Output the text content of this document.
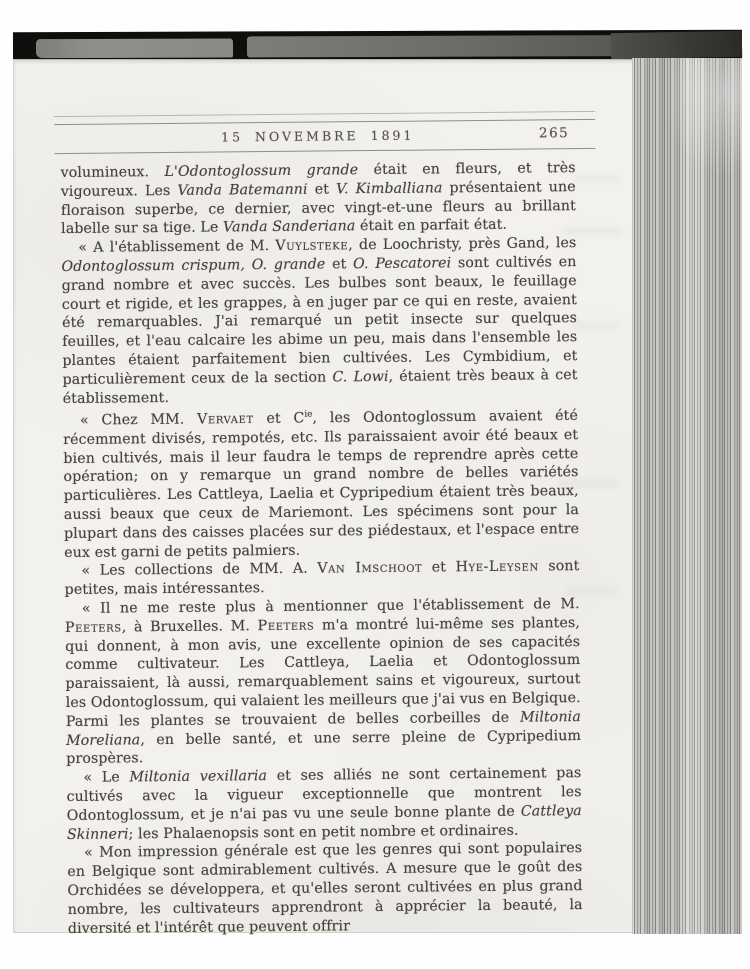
15 NOVEMBRE 1891	265

volumineux. L'Odontoglossum grande était en fleurs, et très vigoureux. Les Vanda Batemanni et V. Kimballiana présentaient une floraison superbe, ce dernier, avec vingt-et-une fleurs au brillant labelle sur sa tige. Le Vanda Sanderiana était en parfait état.

« A l'établissement de M. Vuylsteke, de Loochristy, près Gand, les Odontoglossum crispum, O. grande et O. Pescatorei sont cultivés en grand nombre et avec succès. Les bulbes sont beaux, le feuillage court et rigide, et les grappes, à en juger par ce qui en reste, avaient été remarquables. J'ai remarqué un petit insecte sur quelques feuilles, et l'eau calcaire les abime un peu, mais dans l'ensemble les plantes étaient parfaitement bien cultivées. Les Cymbidium, et particulièrement ceux de la section C. Lowi, étaient très beaux à cet établissement.

« Chez MM. Vervaet et $C^{ie}$, les Odontoglossum avaient été récemment divisés, rempotés, etc. Ils paraissaient avoir été beaux et bien cultivés, mais il leur faudra le temps de reprendre après cette opération; on y remarque un grand nombre de belles variétés particulières. Les Cattleya, Laelia et Cypripedium étaient très beaux, aussi beaux que ceux de Mariemont. Les spécimens sont pour la plupart dans des caisses placées sur des piédestaux, et l'espace entre eux est garni de petits palmiers.

« Les collections de MM. A. Van Imschoot et Hye-Leysen sont petites, mais intéressantes.

« Il ne me reste plus à mentionner que l'établissement de M. Peeters, à Bruxelles. M. Peeters m'a montré lui-même ses plantes, qui donnent, à mon avis, une excellente opinion de ses capacités comme cultivateur. Les Cattleya, Laelia et Odontoglossum paraissaient, là aussi, remarquablement sains et vigoureux, surtout les Odontoglossum, qui valaient les meilleurs que j'ai vus en Belgique. Parmi les plantes se trouvaient de belles corbeilles de Miltonia Moreliana, en belle santé, et une serre pleine de Cypripedium prospères.

« Le Miltonia vexillaria et ses alliés ne sont certainement pas cultivés avec la vigueur exceptionnelle que montrent les Odontoglossum, et je n'ai pas vu une seule bonne plante de Cattleya Skinneri; les Phalaenopsis sont en petit nombre et ordinaires.

« Mon impression générale est que les genres qui sont populaires en Belgique sont admirablement cultivés. A mesure que le goût des Orchidées se développera, et qu'elles seront cultivées en plus grand nombre, les cultivateurs apprendront à apprécier la beauté, la diversité et l'intérêt que peuvent offrir
